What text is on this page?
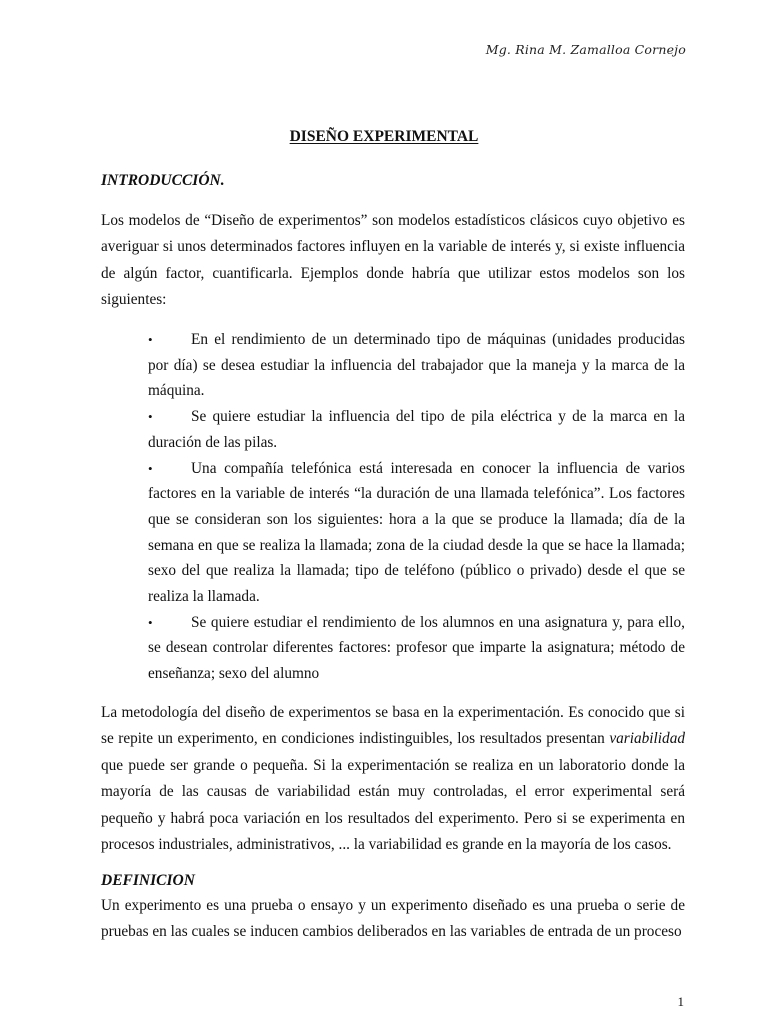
Mg. Rina M. Zamalloa Cornejo
DISEÑO EXPERIMENTAL
INTRODUCCIÓN.
Los modelos de “Diseño de experimentos” son modelos estadísticos clásicos cuyo objetivo es averiguar si unos determinados factores influyen en la variable de interés y, si existe influencia de algún factor, cuantificarla. Ejemplos donde habría que utilizar estos modelos son los siguientes:
•	En el rendimiento de un determinado tipo de máquinas (unidades producidas por día) se desea estudiar la influencia del trabajador que la maneja y la marca de la máquina.
•	Se quiere estudiar la influencia del tipo de pila eléctrica y de la marca en la duración de las pilas.
•	Una compañía telefónica está interesada en conocer la influencia de varios factores en la variable de interés “la duración de una llamada telefónica”. Los factores que se consideran son los siguientes: hora a la que se produce la llamada; día de la semana en que se realiza la llamada; zona de la ciudad desde la que se hace la llamada; sexo del que realiza la llamada; tipo de teléfono (público o privado) desde el que se realiza la llamada.
•	Se quiere estudiar el rendimiento de los alumnos en una asignatura y, para ello, se desean controlar diferentes factores: profesor que imparte la asignatura; método de enseñanza; sexo del alumno
La metodología del diseño de experimentos se basa en la experimentación. Es conocido que si se repite un experimento, en condiciones indistinguibles, los resultados presentan variabilidad que puede ser grande o pequeña. Si la experimentación se realiza en un laboratorio donde la mayoría de las causas de variabilidad están muy controladas, el error experimental será pequeño y habrá poca variación en los resultados del experimento. Pero si se experimenta en procesos industriales, administrativos, ... la variabilidad es grande en la mayoría de los casos.
DEFINICION
Un experimento es una prueba o ensayo y un experimento diseñado es una prueba o serie de pruebas en las cuales se inducen cambios deliberados en las variables de entrada de un proceso
1
